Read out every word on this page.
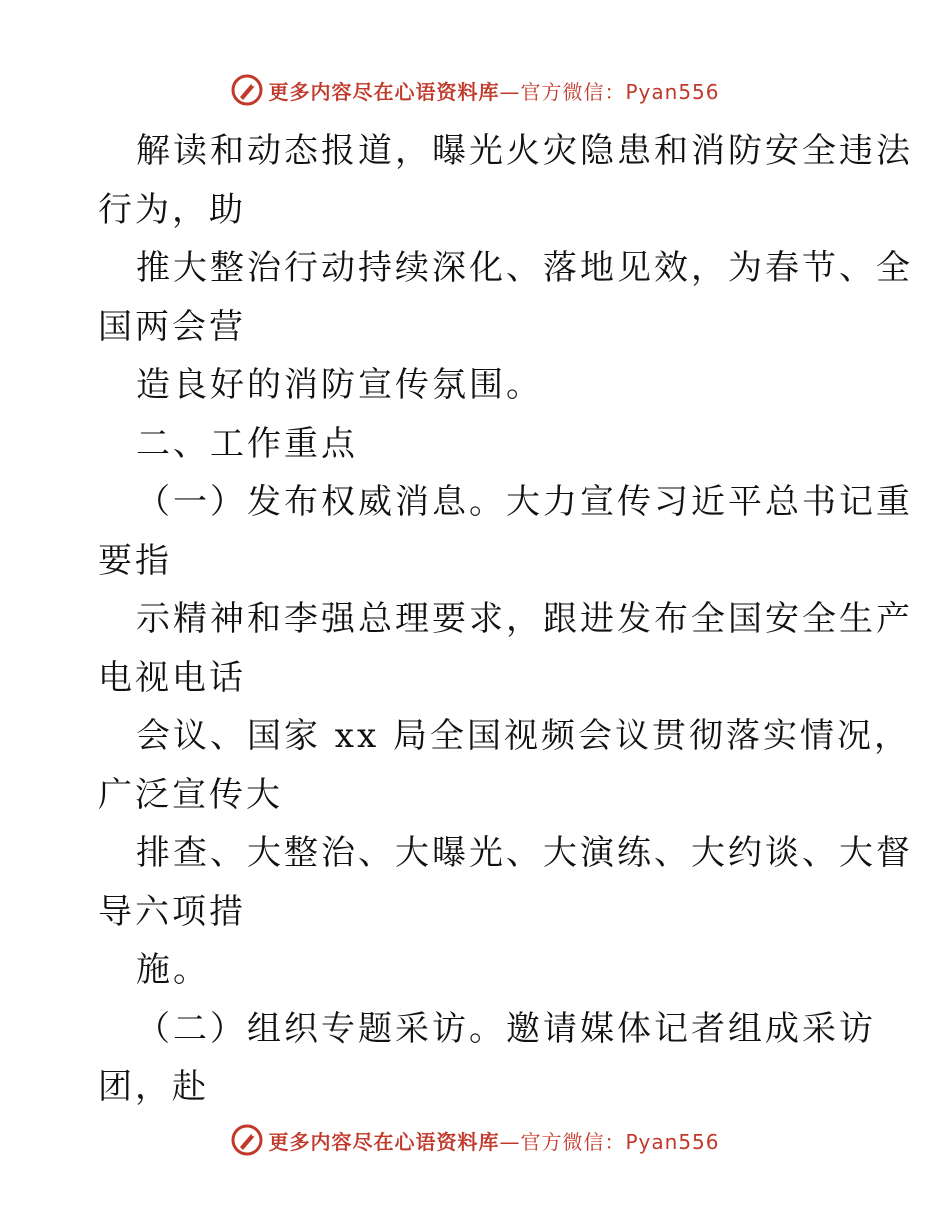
更多内容尽在心语资料库—官方微信：Pyan556
解读和动态报道，曝光火灾隐患和消防安全违法
行为，助
推大整治行动持续深化、落地见效，为春节、全
国两会营
造良好的消防宣传氛围。
二、工作重点
（一）发布权威消息。大力宣传习近平总书记重
要指
示精神和李强总理要求，跟进发布全国安全生产
电视电话
会议、国家 xx 局全国视频会议贯彻落实情况，
广泛宣传大
排查、大整治、大曝光、大演练、大约谈、大督
导六项措
施。
（二）组织专题采访。邀请媒体记者组成采访
团，赴
更多内容尽在心语资料库—官方微信：Pyan556
